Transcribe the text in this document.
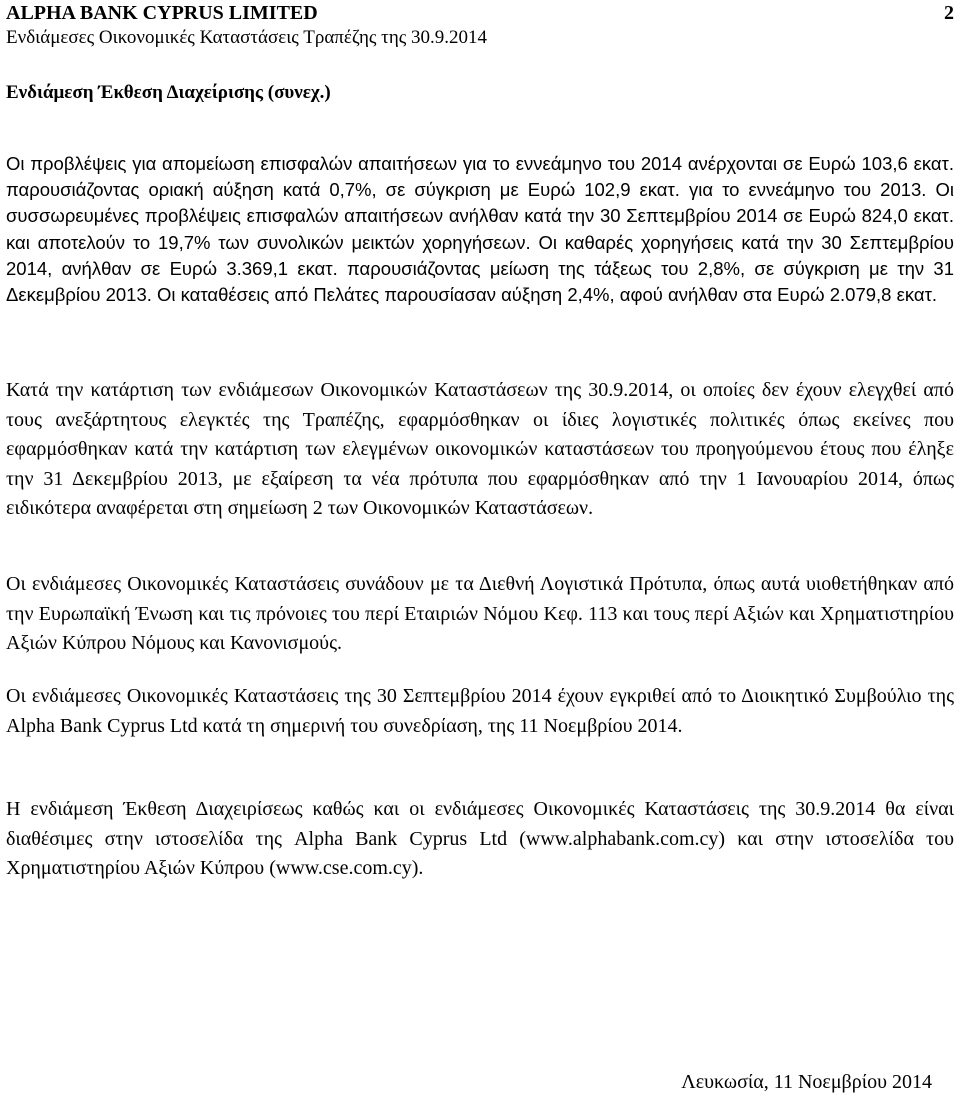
ALPHA BANK CYPRUS LIMITED	2
Ενδιάμεσες Οικονομικές Καταστάσεις Τραπέζης της 30.9.2014
Ενδιάμεση Έκθεση Διαχείρισης (συνεχ.)

Οι προβλέψεις για απομείωση επισφαλών απαιτήσεων για το εννεάμηνο του 2014 ανέρχονται σε Ευρώ 103,6 εκατ. παρουσιάζοντας οριακή αύξηση κατά 0,7%, σε σύγκριση με Ευρώ 102,9 εκατ. για το εννεάμηνο του 2013. Οι συσσωρευμένες προβλέψεις επισφαλών απαιτήσεων ανήλθαν κατά την 30 Σεπτεμβρίου 2014 σε Ευρώ 824,0 εκατ. και αποτελούν το 19,7% των συνολικών μεικτών χορηγήσεων. Οι καθαρές χορηγήσεις κατά την 30 Σεπτεμβρίου 2014, ανήλθαν σε Ευρώ 3.369,1 εκατ. παρουσιάζοντας μείωση της τάξεως του 2,8%, σε σύγκριση με την 31 Δεκεμβρίου 2013. Οι καταθέσεις από Πελάτες παρουσίασαν αύξηση 2,4%, αφού ανήλθαν στα Ευρώ 2.079,8 εκατ.

Κατά την κατάρτιση των ενδιάμεσων Οικονομικών Καταστάσεων της 30.9.2014, οι οποίες δεν έχουν ελεγχθεί από τους ανεξάρτητους ελεγκτές της Τραπέζης, εφαρμόσθηκαν οι ίδιες λογιστικές πολιτικές όπως εκείνες που εφαρμόσθηκαν κατά την κατάρτιση των ελεγμένων οικονομικών καταστάσεων του προηγούμενου έτους που έληξε την 31 Δεκεμβρίου 2013, με εξαίρεση τα νέα πρότυπα που εφαρμόσθηκαν από την 1 Ιανουαρίου 2014, όπως ειδικότερα αναφέρεται στη σημείωση 2 των Οικονομικών Καταστάσεων.

Οι ενδιάμεσες Οικονομικές Καταστάσεις συνάδουν με τα Διεθνή Λογιστικά Πρότυπα, όπως αυτά υιοθετήθηκαν από την Ευρωπαϊκή Ένωση και τις πρόνοιες του περί Εταιριών Νόμου Κεφ. 113 και τους περί Αξιών και Χρηματιστηρίου Αξιών Κύπρου Νόμους και Κανονισμούς.

Οι ενδιάμεσες Οικονομικές Καταστάσεις της 30 Σεπτεμβρίου 2014 έχουν εγκριθεί από το Διοικητικό Συμβούλιο της Alpha Bank Cyprus Ltd κατά τη σημερινή του συνεδρίαση, της 11 Νοεμβρίου 2014.

Η ενδιάμεση Έκθεση Διαχειρίσεως καθώς και οι ενδιάμεσες Οικονομικές Καταστάσεις της 30.9.2014 θα είναι διαθέσιμες στην ιστοσελίδα της Alpha Bank Cyprus Ltd (www.alphabank.com.cy) και στην ιστοσελίδα του Χρηματιστηρίου Αξιών Κύπρου (www.cse.com.cy).

Λευκωσία, 11 Νοεμβρίου 2014
